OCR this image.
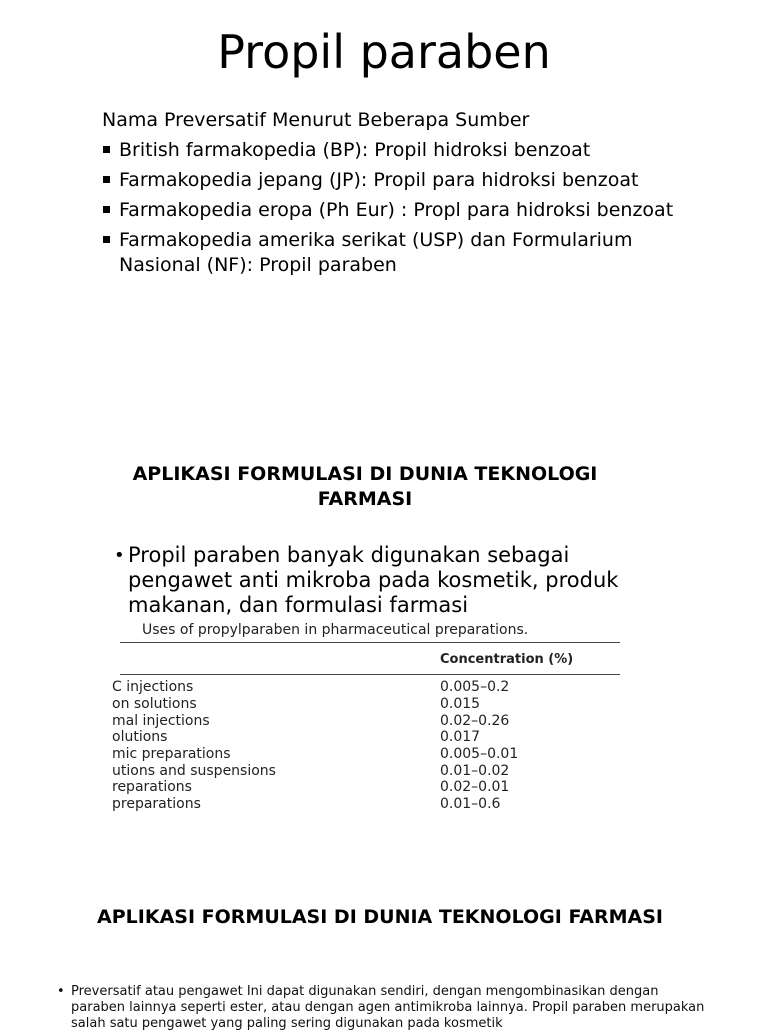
Propil paraben
Nama Preversatif Menurut Beberapa Sumber
British farmakopedia (BP): Propil hidroksi benzoat
Farmakopedia jepang (JP): Propil para hidroksi benzoat
Farmakopedia eropa (Ph Eur) : Propl para hidroksi benzoat
Farmakopedia amerika serikat (USP) dan Formularium Nasional (NF): Propil paraben
APLIKASI FORMULASI DI DUNIA TEKNOLOGI FARMASI
• Propil paraben banyak digunakan sebagai pengawet anti mikroba pada kosmetik, produk makanan, dan formulasi farmasi
Uses of propylparaben in pharmaceutical preparations.
Concentration (%)
C injections	0.005–0.2
on solutions	0.015
mal injections	0.02–0.26
olutions	0.017
mic preparations	0.005–0.01
utions and suspensions	0.01–0.02
reparations	0.02–0.01
preparations	0.01–0.6
APLIKASI FORMULASI DI DUNIA TEKNOLOGI FARMASI
• Preversatif atau pengawet Ini dapat digunakan sendiri, dengan mengombinasikan dengan paraben lainnya seperti ester, atau dengan agen antimikroba lainnya. Propil paraben merupakan salah satu pengawet yang paling sering digunakan pada kosmetik
